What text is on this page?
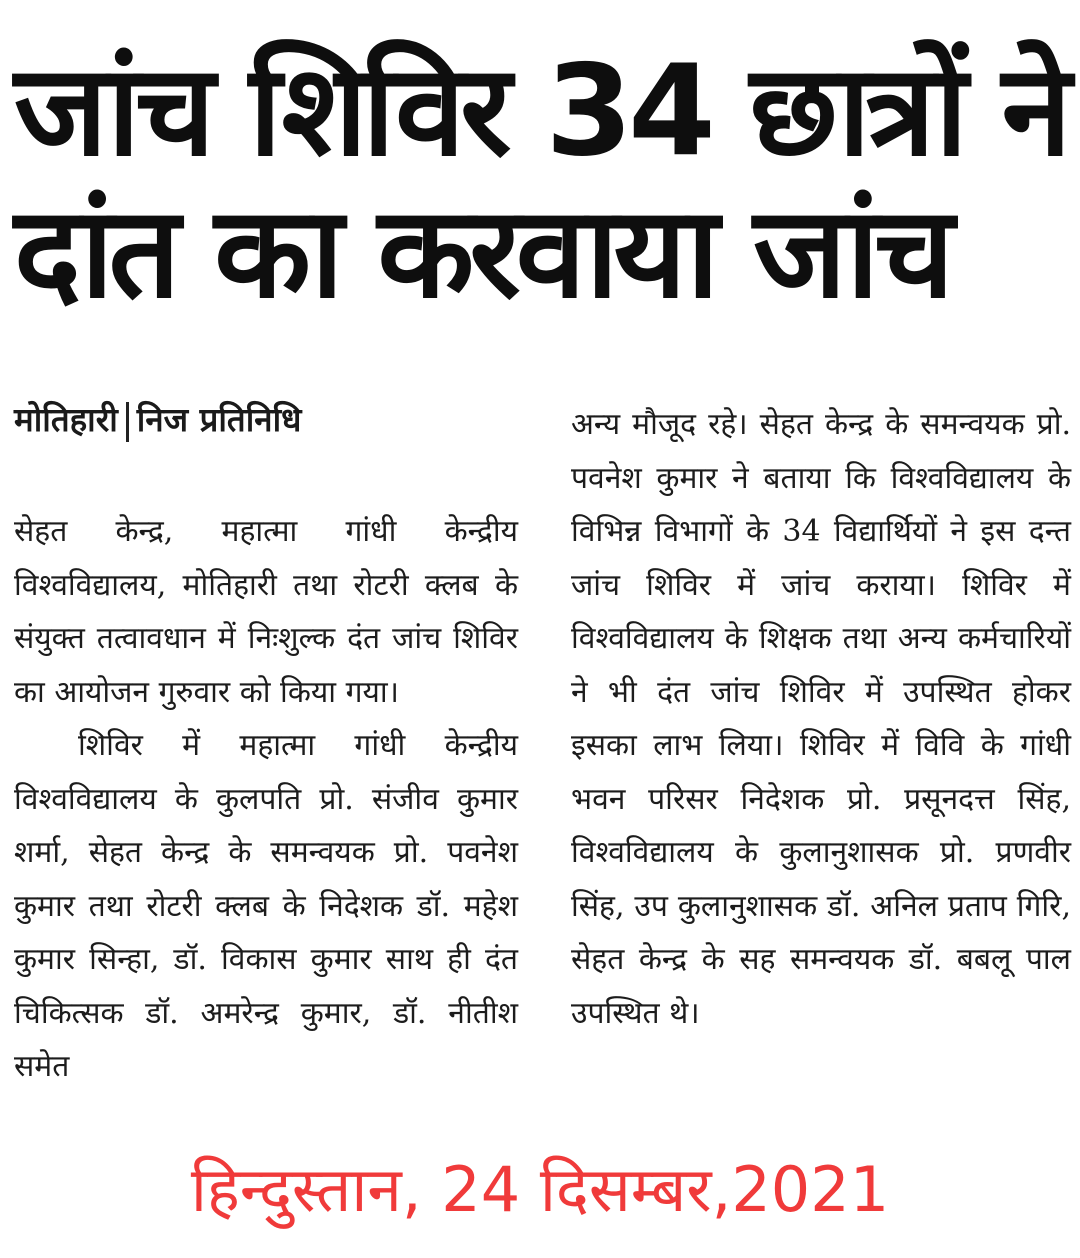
जांच शिविर 34 छात्रों ने
दांत का करवाया जांच
मोतिहारी निज प्रतिनिधि

सेहत केन्द्र, महात्मा गांधी केन्द्रीय विश्वविद्यालय, मोतिहारी तथा रोटरी क्लब के संयुक्त तत्वावधान में निःशुल्क दंत जांच शिविर का आयोजन गुरुवार को किया गया।

शिविर में महात्मा गांधी केन्द्रीय विश्वविद्यालय के कुलपति प्रो. संजीव कुमार शर्मा, सेहत केन्द्र के समन्वयक प्रो. पवनेश कुमार तथा रोटरी क्लब के निदेशक डॉ. महेश कुमार सिन्हा, डॉ. विकास कुमार साथ ही दंत चिकित्सक डॉ. अमरेन्द्र कुमार, डॉ. नीतीश समेत

अन्य मौजूद रहे। सेहत केन्द्र के समन्वयक प्रो. पवनेश कुमार ने बताया कि विश्वविद्यालय के विभिन्न विभागों के 34 विद्यार्थियों ने इस दन्त जांच शिविर में जांच कराया। शिविर में विश्वविद्यालय के शिक्षक तथा अन्य कर्मचारियों ने भी दंत जांच शिविर में उपस्थित होकर इसका लाभ लिया। शिविर में विवि के गांधी भवन परिसर निदेशक प्रो. प्रसूनदत्त सिंह, विश्वविद्यालय के कुलानुशासक प्रो. प्रणवीर सिंह, उप कुलानुशासक डॉ. अनिल प्रताप गिरि, सेहत केन्द्र के सह समन्वयक डॉ. बबलू पाल उपस्थित थे।

हिन्दुस्तान, 24 दिसम्बर,2021
